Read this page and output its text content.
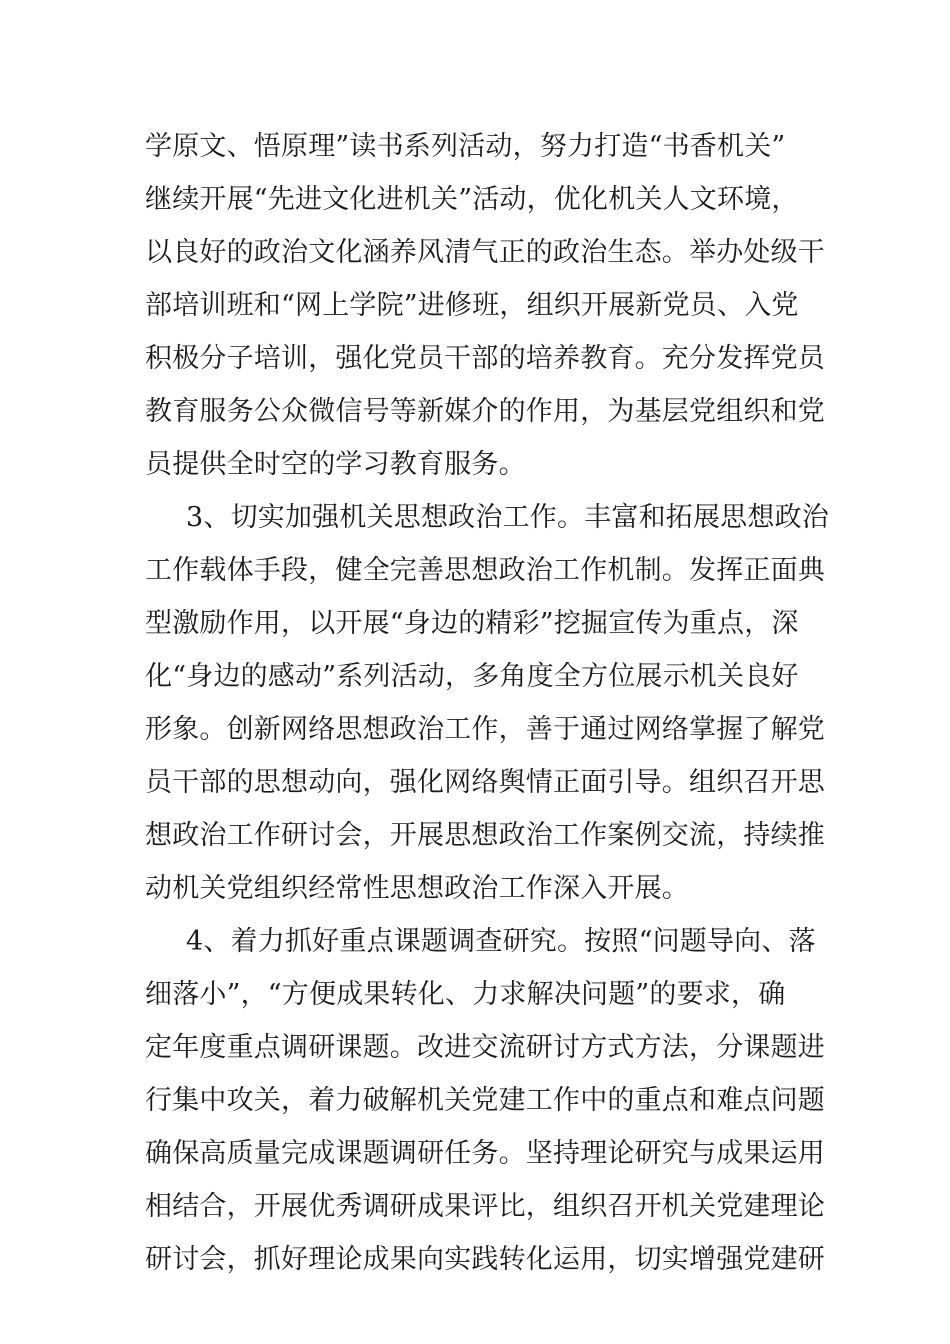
学原文、悟原理”读书系列活动，努力打造“书香机关”
继续开展“先进文化进机关”活动，优化机关人文环境，
以良好的政治文化涵养风清气正的政治生态。举办处级干
部培训班和“网上学院”进修班，组织开展新党员、入党
积极分子培训，强化党员干部的培养教育。充分发挥党员
教育服务公众微信号等新媒介的作用，为基层党组织和党
员提供全时空的学习教育服务。
3、切实加强机关思想政治工作。丰富和拓展思想政治
工作载体手段，健全完善思想政治工作机制。发挥正面典
型激励作用，以开展“身边的精彩”挖掘宣传为重点，深
化“身边的感动”系列活动，多角度全方位展示机关良好
形象。创新网络思想政治工作，善于通过网络掌握了解党
员干部的思想动向，强化网络舆情正面引导。组织召开思
想政治工作研讨会，开展思想政治工作案例交流，持续推
动机关党组织经常性思想政治工作深入开展。
4、着力抓好重点课题调查研究。按照“问题导向、落
细落小”，“方便成果转化、力求解决问题”的要求，确
定年度重点调研课题。改进交流研讨方式方法，分课题进
行集中攻关，着力破解机关党建工作中的重点和难点问题
确保高质量完成课题调研任务。坚持理论研究与成果运用
相结合，开展优秀调研成果评比，组织召开机关党建理论
研讨会，抓好理论成果向实践转化运用，切实增强党建研
